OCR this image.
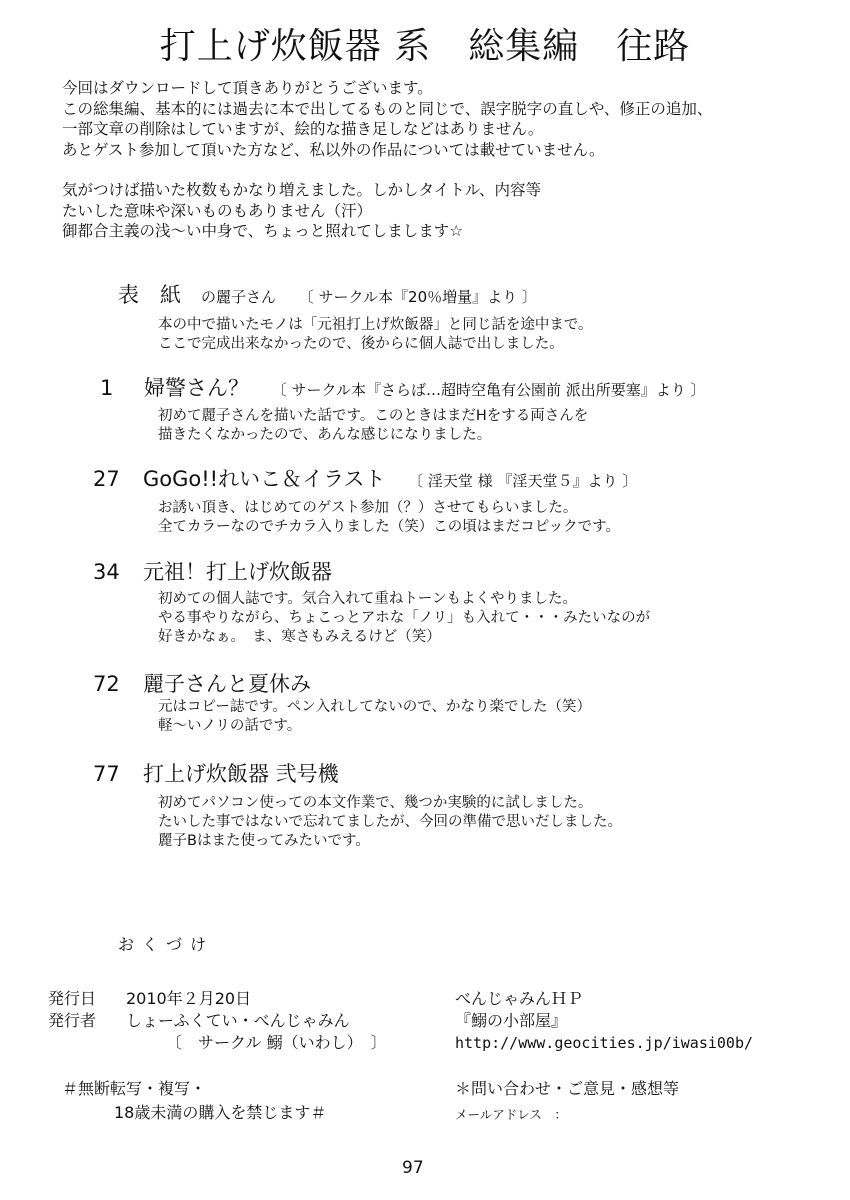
打上げ炊飯器 系　総集編　往路
今回はダウンロードして頂きありがとうございます。
この総集編、基本的には過去に本で出してるものと同じで、誤字脱字の直しや、修正の追加、
一部文章の削除はしていますが、絵的な描き足しなどはありません。
あとゲスト参加して頂いた方など、私以外の作品については載せていません。
気がつけば描いた枚数もかなり増えました。しかしタイトル、内容等
たいした意味や深いものもありません（汗）
御都合主義の浅～い中身で、ちょっと照れてしまします☆
表　紙 の麗子さん 〔 サークル本『20％増量』より 〕
本の中で描いたモノは「元祖打上げ炊飯器」と同じ話を途中まで。
ここで完成出来なかったので、後からに個人誌で出しました。
1 婦警さん？ 〔 サークル本『さらば…超時空亀有公園前 派出所要塞』より 〕
初めて麗子さんを描いた話です。このときはまだHをする両さんを
描きたくなかったので、あんな感じになりました。
27 GoGo!!れいこ＆イラスト 〔 淫天堂 様 『淫天堂５』より 〕
お誘い頂き、はじめてのゲスト参加（？）させてもらいました。
全てカラーなのでチカラ入りました（笑）この頃はまだコピックです。
34 元祖！打上げ炊飯器
初めての個人誌です。気合入れて重ねトーンもよくやりました。
やる事やりながら、ちょこっとアホな「ノリ」も入れて・・・みたいなのが
好きかなぁ。　ま、寒さもみえるけど（笑）
72 麗子さんと夏休み
元はコピー誌です。ペン入れしてないので、かなり楽でした（笑）
軽～いノリの話です。
77 打上げ炊飯器 弐号機
初めてパソコン使っての本文作業で、幾つか実験的に試しました。
たいした事ではないで忘れてましたが、今回の準備で思いだしました。
麗子Bはまた使ってみたいです。
おくづけ
発行日 2010年２月20日
発行者 しょーふくてい・べんじゃみん
〔　サークル 鰯（いわし）　〕
べんじゃみんＨＰ
『鰯の小部屋』
http://www.geocities.jp/iwasi00b/
＃無断転写・複写・
18歳未満の購入を禁じます＃
＊問い合わせ・ご意見・感想等
メールアドレス　：
97
